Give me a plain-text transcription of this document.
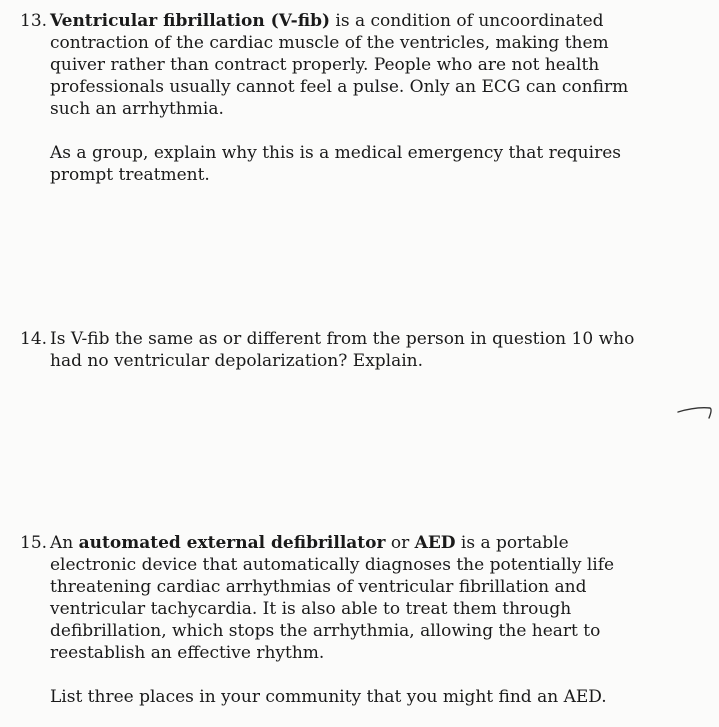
13. Ventricular fibrillation (V-fib) is a condition of uncoordinated contraction of the cardiac muscle of the ventricles, making them quiver rather than contract properly. People who are not health professionals usually cannot feel a pulse. Only an ECG can confirm such an arrhythmia.

As a group, explain why this is a medical emergency that requires prompt treatment.

14. Is V-fib the same as or different from the person in question 10 who had no ventricular depolarization? Explain.

15. An automated external defibrillator or AED is a portable electronic device that automatically diagnoses the potentially life threatening cardiac arrhythmias of ventricular fibrillation and ventricular tachycardia. It is also able to treat them through defibrillation, which stops the arrhythmia, allowing the heart to reestablish an effective rhythm.

List three places in your community that you might find an AED.
